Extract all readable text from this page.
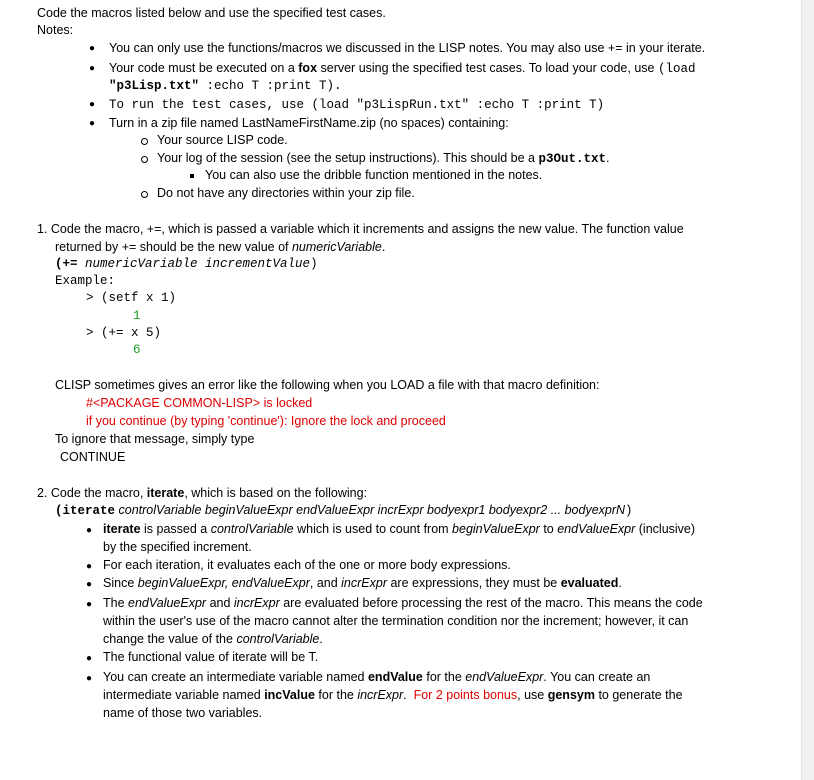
Code the macros listed below and use the specified test cases.
Notes:
● You can only use the functions/macros we discussed in the LISP notes. You may also use += in your iterate.
● Your code must be executed on a fox server using the specified test cases. To load your code, use (load
"p3Lisp.txt" :echo T :print T).
● To run the test cases, use (load "p3LispRun.txt" :echo T :print T)
● Turn in a zip file named LastNameFirstName.zip (no spaces) containing:
Your source LISP code.
Your log of the session (see the setup instructions). This should be a p3Out.txt.
You can also use the dribble function mentioned in the notes.
Do not have any directories within your zip file.
1. Code the macro, +=, which is passed a variable which it increments and assigns the new value. The function value
returned by += should be the new value of numericVariable.
(+= numericVariable incrementValue)
Example:
> (setf x 1)
1
> (+= x 5)
6
CLISP sometimes gives an error like the following when you LOAD a file with that macro definition:
#<PACKAGE COMMON-LISP> is locked
if you continue (by typing 'continue'): Ignore the lock and proceed
To ignore that message, simply type
CONTINUE
2. Code the macro, iterate, which is based on the following:
(iterate controlVariable beginValueExpr endValueExpr incrExpr bodyexpr1 bodyexpr2 ... bodyexprN)
● iterate is passed a controlVariable which is used to count from beginValueExpr to endValueExpr (inclusive)
by the specified increment.
● For each iteration, it evaluates each of the one or more body expressions.
● Since beginValueExpr, endValueExpr, and incrExpr are expressions, they must be evaluated.
● The endValueExpr and incrExpr are evaluated before processing the rest of the macro. This means the code
within the user's use of the macro cannot alter the termination condition nor the increment; however, it can
change the value of the controlVariable.
● The functional value of iterate will be T.
● You can create an intermediate variable named endValue for the endValueExpr. You can create an
intermediate variable named incValue for the incrExpr.  For 2 points bonus, use gensym to generate the
name of those two variables.
